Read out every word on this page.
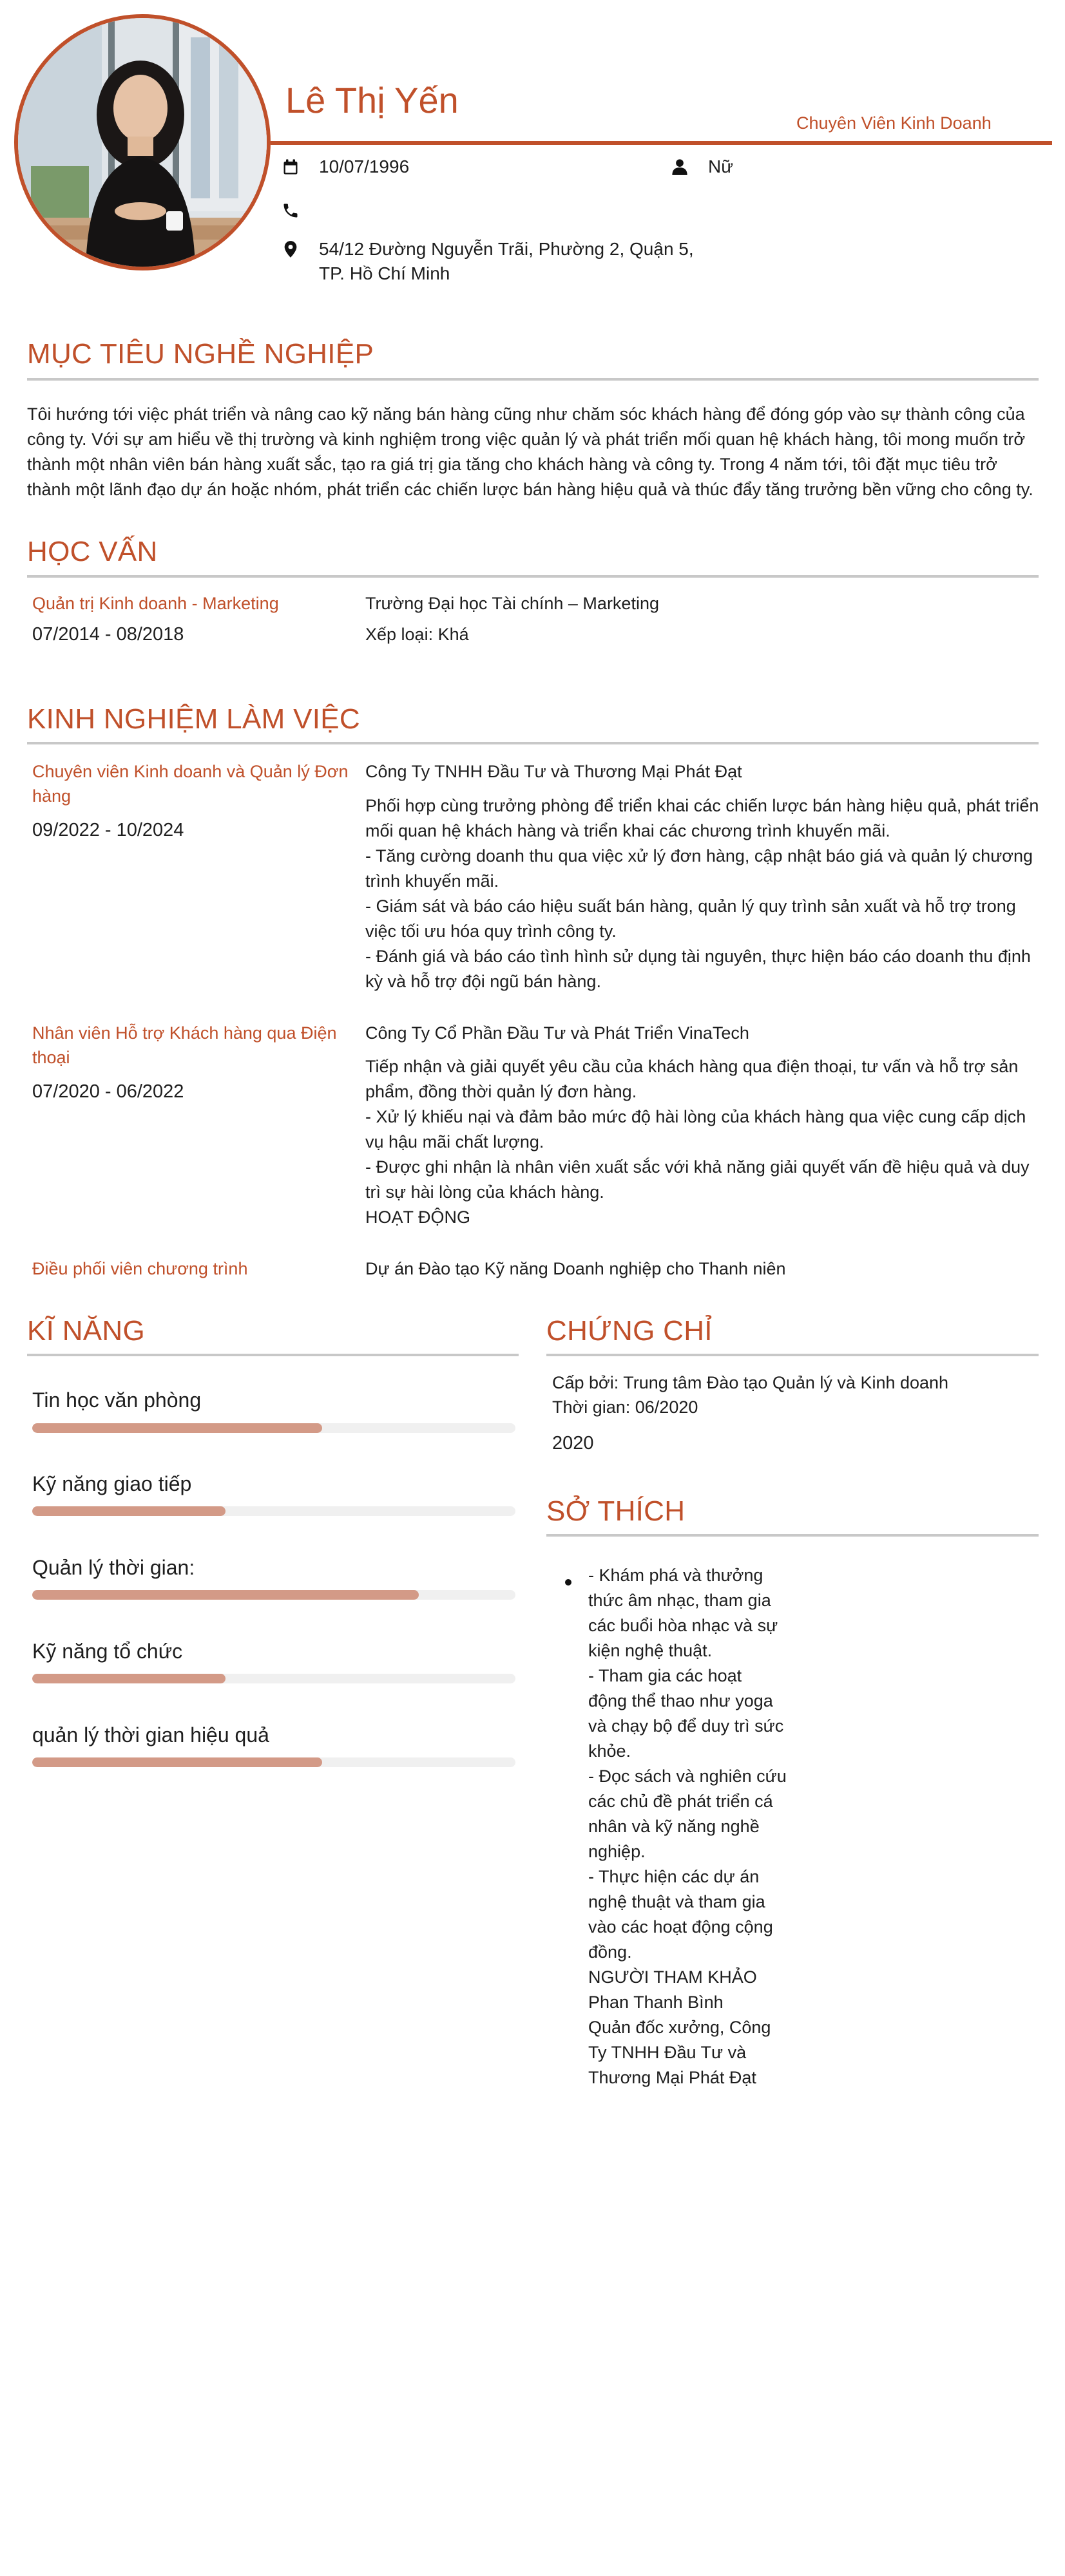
Lê Thị Yến
Chuyên Viên Kinh Doanh
10/07/1996	Nữ
54/12 Đường Nguyễn Trãi, Phường 2, Quận 5,
TP. Hồ Chí Minh
MỤC TIÊU NGHỀ NGHIỆP
Tôi hướng tới việc phát triển và nâng cao kỹ năng bán hàng cũng như chăm sóc khách hàng để đóng góp vào sự thành công của
công ty. Với sự am hiểu về thị trường và kinh nghiệm trong việc quản lý và phát triển mối quan hệ khách hàng, tôi mong muốn trở
thành một nhân viên bán hàng xuất sắc, tạo ra giá trị gia tăng cho khách hàng và công ty. Trong 4 năm tới, tôi đặt mục tiêu trở
thành một lãnh đạo dự án hoặc nhóm, phát triển các chiến lược bán hàng hiệu quả và thúc đẩy tăng trưởng bền vững cho công ty.
HỌC VẤN
Quản trị Kinh doanh - Marketing
07/2014 - 08/2018
Trường Đại học Tài chính – Marketing
Xếp loại: Khá
KINH NGHIỆM LÀM VIỆC
Chuyên viên Kinh doanh và Quản lý Đơn
hàng
09/2022 - 10/2024
Công Ty TNHH Đầu Tư và Thương Mại Phát Đạt
Phối hợp cùng trưởng phòng để triển khai các chiến lược bán hàng hiệu quả, phát triển
mối quan hệ khách hàng và triển khai các chương trình khuyến mãi.
- Tăng cường doanh thu qua việc xử lý đơn hàng, cập nhật báo giá và quản lý chương
trình khuyến mãi.
- Giám sát và báo cáo hiệu suất bán hàng, quản lý quy trình sản xuất và hỗ trợ trong
việc tối ưu hóa quy trình công ty.
- Đánh giá và báo cáo tình hình sử dụng tài nguyên, thực hiện báo cáo doanh thu định
kỳ và hỗ trợ đội ngũ bán hàng.
Nhân viên Hỗ trợ Khách hàng qua Điện
thoại
07/2020 - 06/2022
Công Ty Cổ Phần Đầu Tư và Phát Triển VinaTech
Tiếp nhận và giải quyết yêu cầu của khách hàng qua điện thoại, tư vấn và hỗ trợ sản
phẩm, đồng thời quản lý đơn hàng.
- Xử lý khiếu nại và đảm bảo mức độ hài lòng của khách hàng qua việc cung cấp dịch
vụ hậu mãi chất lượng.
- Được ghi nhận là nhân viên xuất sắc với khả năng giải quyết vấn đề hiệu quả và duy
trì sự hài lòng của khách hàng.
HOẠT ĐỘNG
Điều phối viên chương trình	Dự án Đào tạo Kỹ năng Doanh nghiệp cho Thanh niên
KĨ NĂNG
Tin học văn phòng
Kỹ năng giao tiếp
Quản lý thời gian:
Kỹ năng tổ chức
quản lý thời gian hiệu quả
CHỨNG CHỈ
Cấp bởi: Trung tâm Đào tạo Quản lý và Kinh doanh
Thời gian: 06/2020
2020
SỞ THÍCH
- Khám phá và thưởng
thức âm nhạc, tham gia
các buổi hòa nhạc và sự
kiện nghệ thuật.
- Tham gia các hoạt
động thể thao như yoga
và chạy bộ để duy trì sức
khỏe.
- Đọc sách và nghiên cứu
các chủ đề phát triển cá
nhân và kỹ năng nghề
nghiệp.
- Thực hiện các dự án
nghệ thuật và tham gia
vào các hoạt động cộng
đồng.
NGƯỜI THAM KHẢO
Phan Thanh Bình
Quản đốc xưởng, Công
Ty TNHH Đầu Tư và
Thương Mại Phát Đạt
